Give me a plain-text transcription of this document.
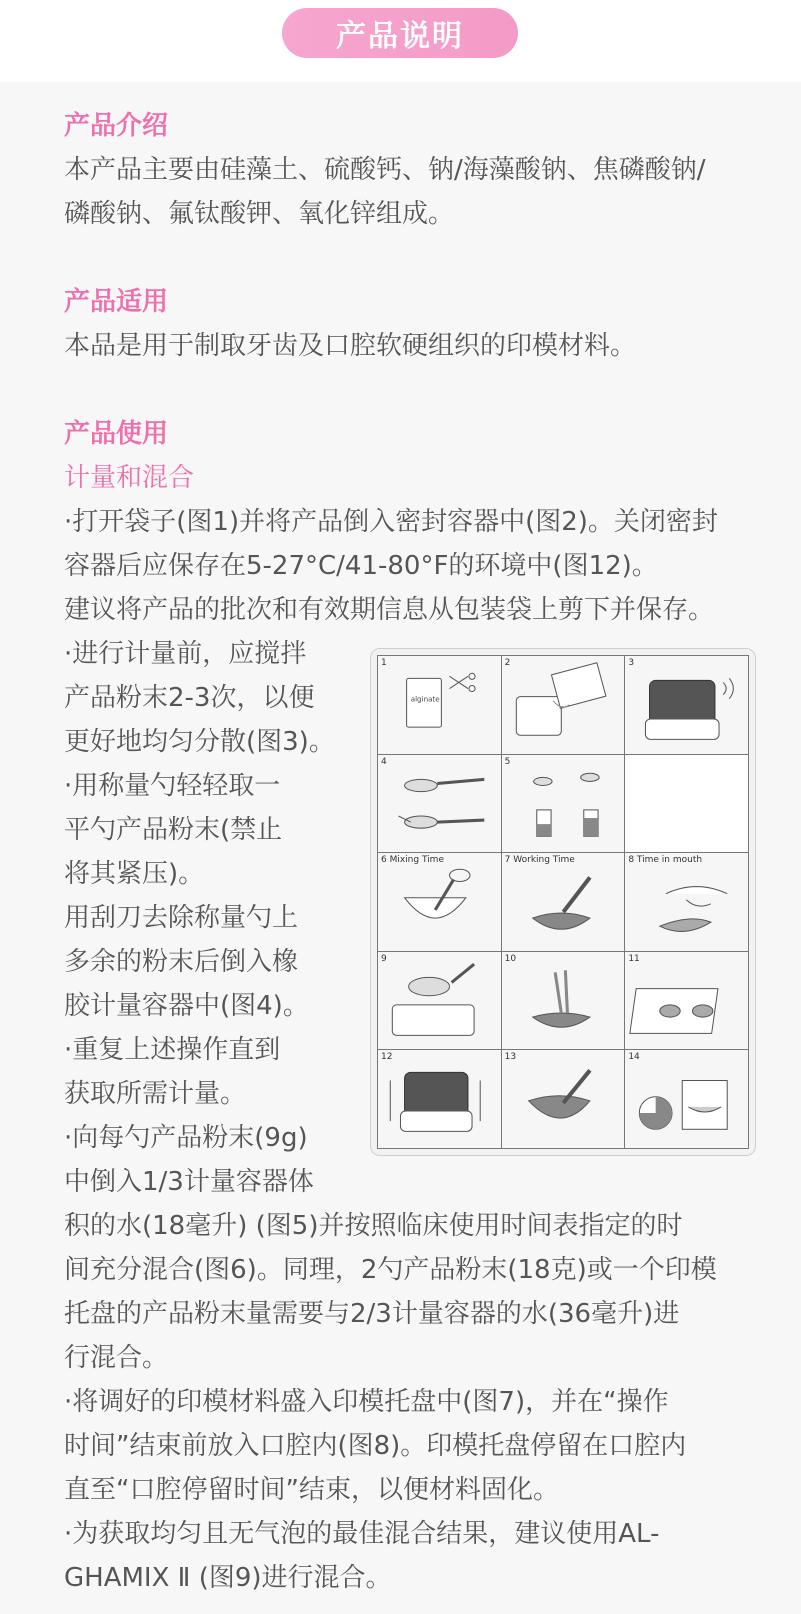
产品说明

产品介绍

本产品主要由硅藻土、硫酸钙、钠/海藻酸钠、焦磷酸钠/

磷酸钠、氟钛酸钾、氧化锌组成。

产品适用

本品是用于制取牙齿及口腔软硬组织的印模材料。

产品使用

计量和混合

·打开袋子(图1)并将产品倒入密封容器中(图2)。关闭密封

容器后应保存在5-27°C/41-80°F的环境中(图12)。

建议将产品的批次和有效期信息从包装袋上剪下并保存。

·进行计量前，应搅拌

产品粉末2-3次，以便

更好地均匀分散(图3)。

·用称量勺轻轻取一

平勺产品粉末(禁止

将其紧压)。

用刮刀去除称量勺上

多余的粉末后倒入橡

胶计量容器中(图4)。

·重复上述操作直到

获取所需计量。

·向每勺产品粉末(9g)

中倒入1/3计量容器体

alginate
1	2	3
4	5
6 Mixing Time	7 Working Time	8 Time in mouth
9	10	11
12	13	14

积的水(18毫升) (图5)并按照临床使用时间表指定的时

间充分混合(图6)。同理，2勺产品粉末(18克)或一个印模

托盘的产品粉末量需要与2/3计量容器的水(36毫升)进

行混合。

·将调好的印模材料盛入印模托盘中(图7)，并在“操作

时间”结束前放入口腔内(图8)。印模托盘停留在口腔内

直至“口腔停留时间”结束，以便材料固化。

·为获取均匀且无气泡的最佳混合结果，建议使用AL-

GHAMIX Ⅱ (图9)进行混合。
